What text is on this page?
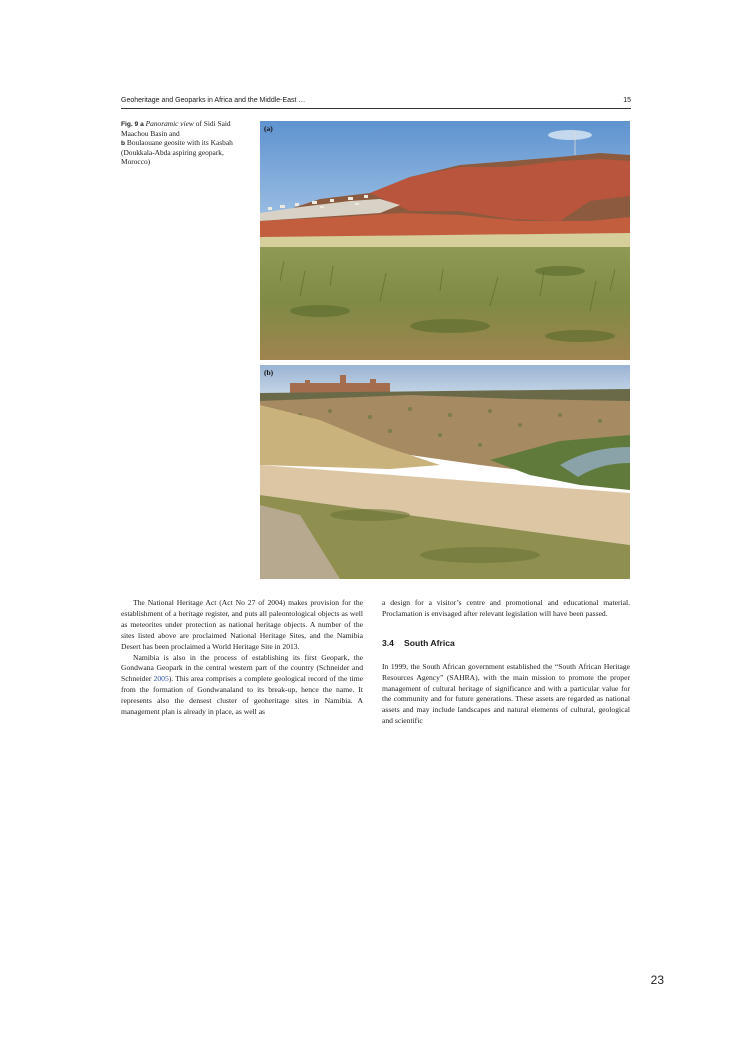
Geoheritage and Geoparks in Africa and the Middle-East …	15
Fig. 9 a Panoramic view of Sidi Said Maachou Basin and
b Boulaouane geosite with its Kasbah (Doukkala-Abda aspiring geopark, Morocco)
(a)
(b)

The National Heritage Act (Act No 27 of 2004) makes provision for the establishment of a heritage register, and puts all paleontological objects as well as meteorites under protection as national heritage objects. A number of the sites listed above are proclaimed National Heritage Sites, and the Namibia Desert has been proclaimed a World Heritage Site in 2013.

Namibia is also in the process of establishing its first Geopark, the Gondwana Geopark in the central western part of the country (Schneider and Schneider 2005). This area comprises a complete geological record of the time from the formation of Gondwanaland to its break-up, hence the name. It represents also the densest cluster of geoheritage sites in Namibia. A management plan is already in place, as well as

a design for a visitor’s centre and promotional and educational material. Proclamation is envisaged after relevant legislation will have been passed.

3.4 South Africa

In 1999, the South African government established the “South African Heritage Resources Agency” (SAHRA), with the main mission to promote the proper management of cultural heritage of significance and with a particular value for the community and for future generations. These assets are regarded as national assets and may include landscapes and natural elements of cultural, geological and scientific

23
